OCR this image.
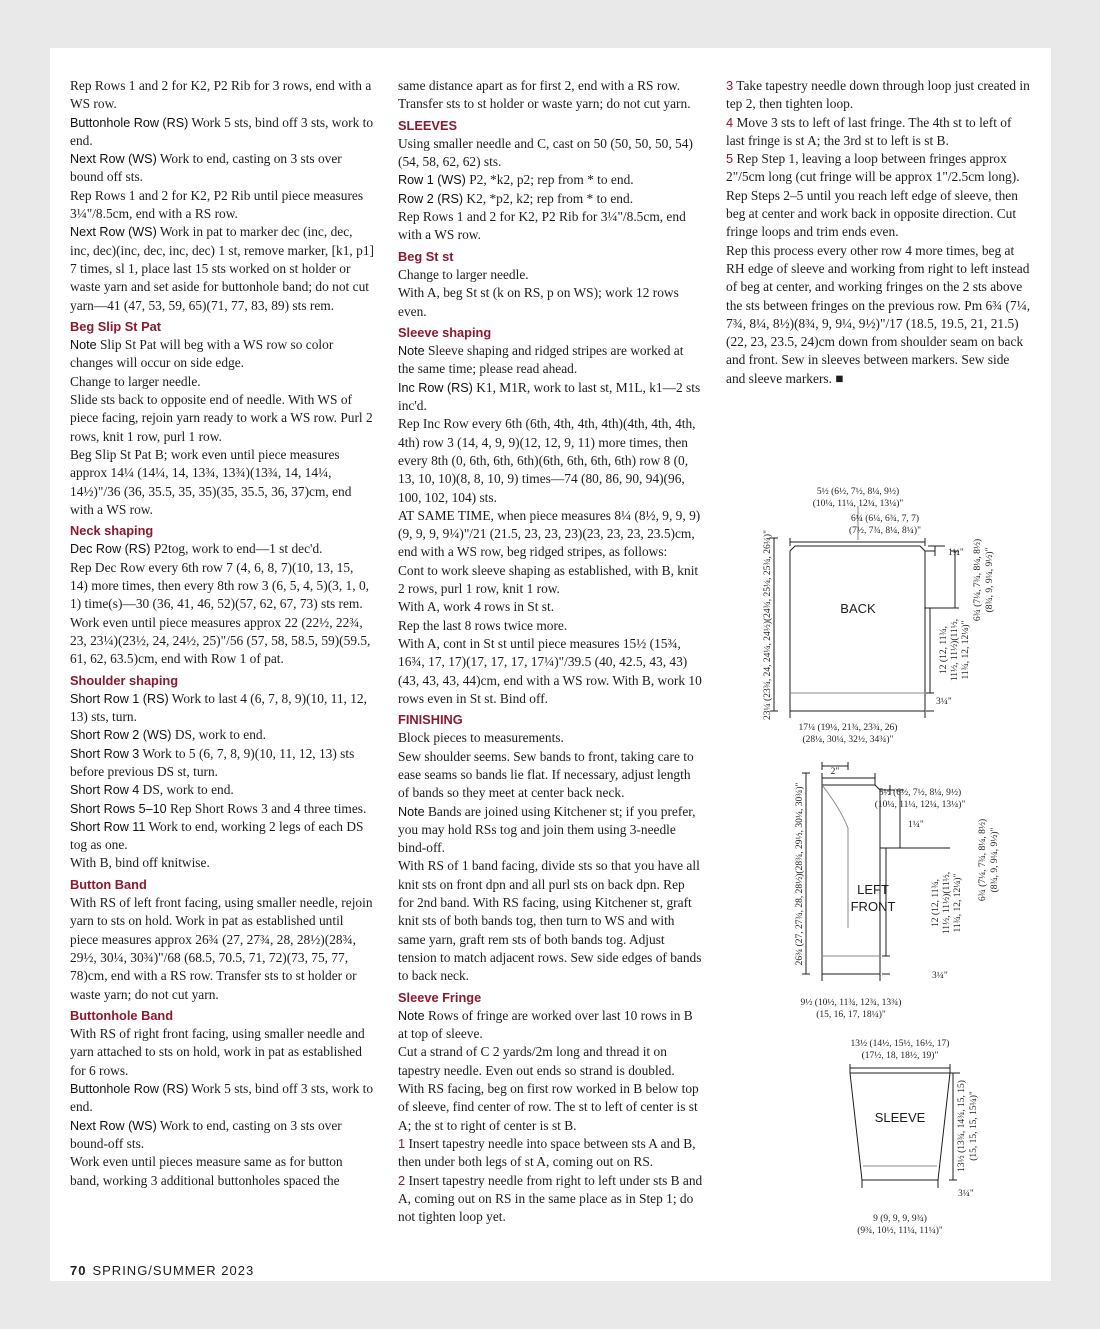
Rep Rows 1 and 2 for K2, P2 Rib for 3 rows, end with a WS row.

Buttonhole Row (RS) Work 5 sts, bind off 3 sts, work to end.

Next Row (WS) Work to end, casting on 3 sts over bound off sts.

Rep Rows 1 and 2 for K2, P2 Rib until piece measures 3¼"/8.5cm, end with a RS row.

Next Row (WS) Work in pat to marker dec (inc, dec, inc, dec)(inc, dec, inc, dec) 1 st, remove marker, [k1, p1] 7 times, sl 1, place last 15 sts worked on st holder or waste yarn and set aside for buttonhole band; do not cut yarn—41 (47, 53, 59, 65)(71, 77, 83, 89) sts rem.

Beg Slip St Pat

Note Slip St Pat will beg with a WS row so color changes will occur on side edge.

Change to larger needle.

Slide sts back to opposite end of needle. With WS of piece facing, rejoin yarn ready to work a WS row. Purl 2 rows, knit 1 row, purl 1 row.

Beg Slip St Pat B; work even until piece measures approx 14¼ (14¼, 14, 13¾, 13¾)(13¾, 14, 14¼, 14½)"/36 (36, 35.5, 35, 35)(35, 35.5, 36, 37)cm, end with a WS row.

Neck shaping

Dec Row (RS) P2tog, work to end—1 st dec'd.

Rep Dec Row every 6th row 7 (4, 6, 8, 7)(10, 13, 15, 14) more times, then every 8th row 3 (6, 5, 4, 5)(3, 1, 0, 1) time(s)—30 (36, 41, 46, 52)(57, 62, 67, 73) sts rem.

Work even until piece measures approx 22 (22½, 22¾, 23, 23¼)(23½, 24, 24½, 25)"/56 (57, 58, 58.5, 59)(59.5, 61, 62, 63.5)cm, end with Row 1 of pat.

Shoulder shaping

Short Row 1 (RS) Work to last 4 (6, 7, 8, 9)(10, 11, 12, 13) sts, turn.

Short Row 2 (WS) DS, work to end.

Short Row 3 Work to 5 (6, 7, 8, 9)(10, 11, 12, 13) sts before previous DS st, turn.

Short Row 4 DS, work to end.

Short Rows 5–10 Rep Short Rows 3 and 4 three times.

Short Row 11 Work to end, working 2 legs of each DS tog as one.

With B, bind off knitwise.

Button Band

With RS of left front facing, using smaller needle, rejoin yarn to sts on hold. Work in pat as established until piece measures approx 26¾ (27, 27¾, 28, 28½)(28¾, 29½, 30¼, 30¾)"/68 (68.5, 70.5, 71, 72)(73, 75, 77, 78)cm, end with a RS row. Transfer sts to st holder or waste yarn; do not cut yarn.

Buttonhole Band

With RS of right front facing, using smaller needle and yarn attached to sts on hold, work in pat as established for 6 rows.

Buttonhole Row (RS) Work 5 sts, bind off 3 sts, work to end.

Next Row (WS) Work to end, casting on 3 sts over bound-off sts.

Work even until pieces measure same as for button band, working 3 additional buttonholes spaced the

same distance apart as for first 2, end with a RS row. Transfer sts to st holder or waste yarn; do not cut yarn.

SLEEVES

Using smaller needle and C, cast on 50 (50, 50, 50, 54)(54, 58, 62, 62) sts.

Row 1 (WS) P2, *k2, p2; rep from * to end.

Row 2 (RS) K2, *p2, k2; rep from * to end.

Rep Rows 1 and 2 for K2, P2 Rib for 3¼"/8.5cm, end with a WS row.

Beg St st

Change to larger needle.

With A, beg St st (k on RS, p on WS); work 12 rows even.

Sleeve shaping

Note Sleeve shaping and ridged stripes are worked at the same time; please read ahead.

Inc Row (RS) K1, M1R, work to last st, M1L, k1—2 sts inc'd.

Rep Inc Row every 6th (6th, 4th, 4th, 4th)(4th, 4th, 4th, 4th) row 3 (14, 4, 9, 9)(12, 12, 9, 11) more times, then every 8th (0, 6th, 6th, 6th)(6th, 6th, 6th, 6th) row 8 (0, 13, 10, 10)(8, 8, 10, 9) times—74 (80, 86, 90, 94)(96, 100, 102, 104) sts.

AT SAME TIME, when piece measures 8¼ (8½, 9, 9, 9)(9, 9, 9, 9¼)"/21 (21.5, 23, 23, 23)(23, 23, 23, 23.5)cm, end with a WS row, beg ridged stripes, as follows:

Cont to work sleeve shaping as established, with B, knit 2 rows, purl 1 row, knit 1 row.

With A, work 4 rows in St st.

Rep the last 8 rows twice more.

With A, cont in St st until piece measures 15½ (15¾, 16¾, 17, 17)(17, 17, 17, 17¼)"/39.5 (40, 42.5, 43, 43)(43, 43, 43, 44)cm, end with a WS row. With B, work 10 rows even in St st. Bind off.

FINISHING

Block pieces to measurements.

Sew shoulder seems. Sew bands to front, taking care to ease seams so bands lie flat. If necessary, adjust length of bands so they meet at center back neck.

Note Bands are joined using Kitchener st; if you prefer, you may hold RSs tog and join them using 3-needle bind-off.

With RS of 1 band facing, divide sts so that you have all knit sts on front dpn and all purl sts on back dpn. Rep for 2nd band. With RS facing, using Kitchener st, graft knit sts of both bands tog, then turn to WS and with same yarn, graft rem sts of both bands tog. Adjust tension to match adjacent rows. Sew side edges of bands to back neck.

Sleeve Fringe

Note Rows of fringe are worked over last 10 rows in B at top of sleeve.

Cut a strand of C 2 yards/2m long and thread it on tapestry needle. Even out ends so strand is doubled. With RS facing, beg on first row worked in B below top of sleeve, find center of row. The st to left of center is st A; the st to right of center is st B.

1 Insert tapestry needle into space between sts A and B, then under both legs of st A, coming out on RS.

2 Insert tapestry needle from right to left under sts B and A, coming out on RS in the same place as in Step 1; do not tighten loop yet.

3 Take tapestry needle down through loop just created in tep 2, then tighten loop.

4 Move 3 sts to left of last fringe. The 4th st to left of last fringe is st A; the 3rd st to left is st B.

5 Rep Step 1, leaving a loop between fringes approx 2"/5cm long (cut fringe will be approx 1"/2.5cm long).

Rep Steps 2–5 until you reach left edge of sleeve, then beg at center and work back in opposite direction. Cut fringe loops and trim ends even.

Rep this process every other row 4 more times, beg at RH edge of sleeve and working from right to left instead of beg at center, and working fringes on the 2 sts above the sts between fringes on the previous row. Pm 6¾ (7¼, 7¾, 8¼, 8½)(8¾, 9, 9¼, 9½)"/17 (18.5, 19.5, 21, 21.5)(22, 23, 23.5, 24)cm down from shoulder seam on back and front. Sew in sleeves between markers. Sew side and sleeve markers. ■

BACK
5½ (6½, 7½, 8¼, 9½)
(10¼, 11¼, 12¼, 13¼)"
6¼ (6¼, 6¾, 7, 7)
(7½, 7¾, 8¼, 8¼)"
1¼"
17¼ (19¼, 21¾, 23¾, 26)
(28¼, 30¼, 32½, 34¾)"
3¼"
23¼ (23¾, 24, 24¼, 24½)(24¾, 25¼, 25¾, 26¼)"	6¾ (7¼, 7¾, 8¼, 8½) (8¾, 9, 9¼, 9½)"
12 (12, 11¾, 11½, 11½)(11½, 11¾, 12, 12¼)"
2"
LEFT
FRONT
5½ (6½, 7½, 8¼, 9½)
(10¼, 11¼, 12¼, 13¼)"
1¼"	6¾ (7¼, 7¾, 8¼, 8½) (8¾, 9, 9¼, 9½)"
12 (12, 11¾, 11½, 11½)(11½, 11¾, 12, 12¼)"
3¼"
26¾ (27, 27¾, 28, 28½)(28¾, 29½, 30¼, 30¾)"
9½ (10½, 11¾, 12¾, 13¾)
(15, 16, 17, 18¼)"
13½ (14½, 15½, 16½, 17)
(17½, 18, 18½, 19)"
SLEEVE	13½ (13¾, 14¾, 15, 15) (15, 15, 15, 15¼)"
3¼"
9 (9, 9, 9, 9¾)
(9¾, 10½, 11¼, 11¼)"
70 SPRING/SUMMER 2023
